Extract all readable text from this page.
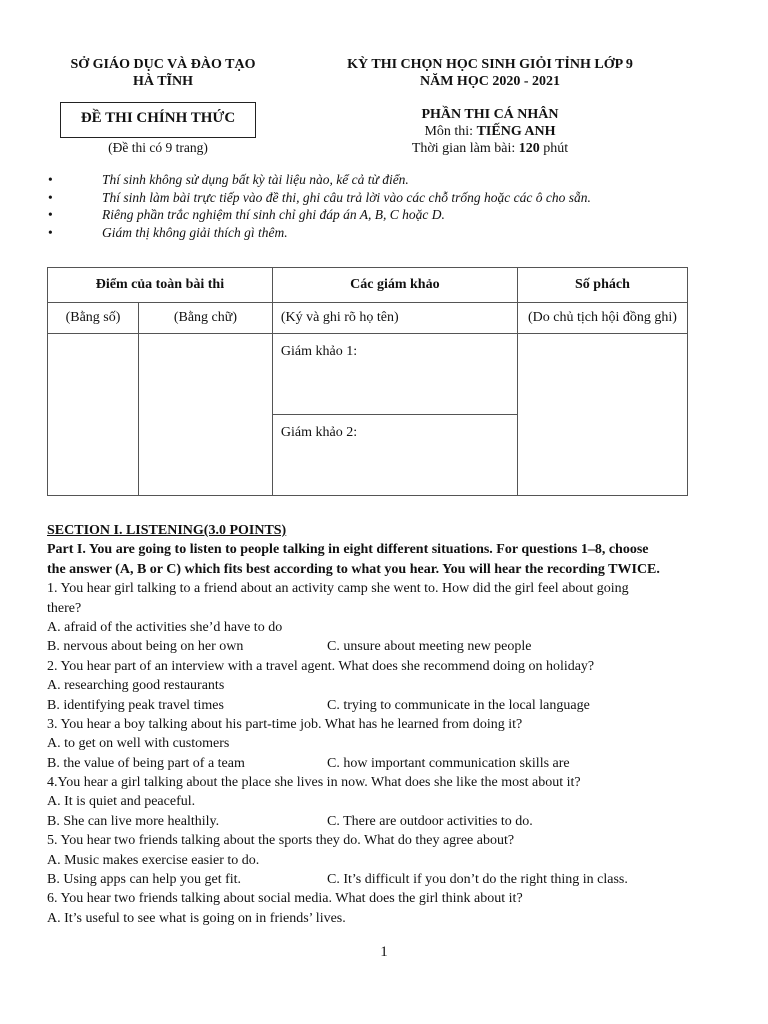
SỞ GIÁO DỤC VÀ ĐÀO TẠO
HÀ TĨNH
KỲ THI CHỌN HỌC SINH GIỎI TỈNH LỚP 9
NĂM HỌC 2020 - 2021
ĐỀ THI CHÍNH THỨC
(Đề thi có 9 trang)
PHẦN THI CÁ NHÂN
Môn thi: TIẾNG ANH
Thời gian làm bài: 120 phút
•	Thí sinh không sử dụng bất kỳ tài liệu nào, kể cả từ điển.
•	Thí sinh làm bài trực tiếp vào đề thi, ghi câu trả lời vào các chỗ trống hoặc các ô cho sẵn.
•	Riêng phần trắc nghiệm thí sinh chỉ ghi đáp án A, B, C hoặc D.
•	Giám thị không giải thích gì thêm.
Điểm của toàn bài thi		Các giám khảo	Số phách
(Bằng số)	(Bằng chữ)	(Ký và ghi rõ họ tên)	(Do chủ tịch hội đồng ghi)

		Giám khảo 1:
Giám khảo 2:	

SECTION I. LISTENING(3.0 POINTS)
Part I. You are going to listen to people talking in eight different situations. For questions 1–8, choose
the answer (A, B or C) which fits best according to what you hear. You will hear the recording TWICE.
1. You hear girl talking to a friend about an activity camp she went to. How did the girl feel about going
there?
A. afraid of the activities she’d have to do
B. nervous about being on her own	C. unsure about meeting new people
2. You hear part of an interview with a travel agent. What does she recommend doing on holiday?
A. researching good restaurants
B. identifying peak travel times	C. trying to communicate in the local language
3. You hear a boy talking about his part-time job. What has he learned from doing it?
A. to get on well with customers
B. the value of being part of a team	C. how important communication skills are
4.You hear a girl talking about the place she lives in now. What does she like the most about it?
A. It is quiet and peaceful.
B. She can live more healthily.	C. There are outdoor activities to do.
5. You hear two friends talking about the sports they do. What do they agree about?
A. Music makes exercise easier to do.
B. Using apps can help you get fit.	C. It’s difficult if you don’t do the right thing in class.
6. You hear two friends talking about social media. What does the girl think about it?
A. It’s useful to see what is going on in friends’ lives.
1
